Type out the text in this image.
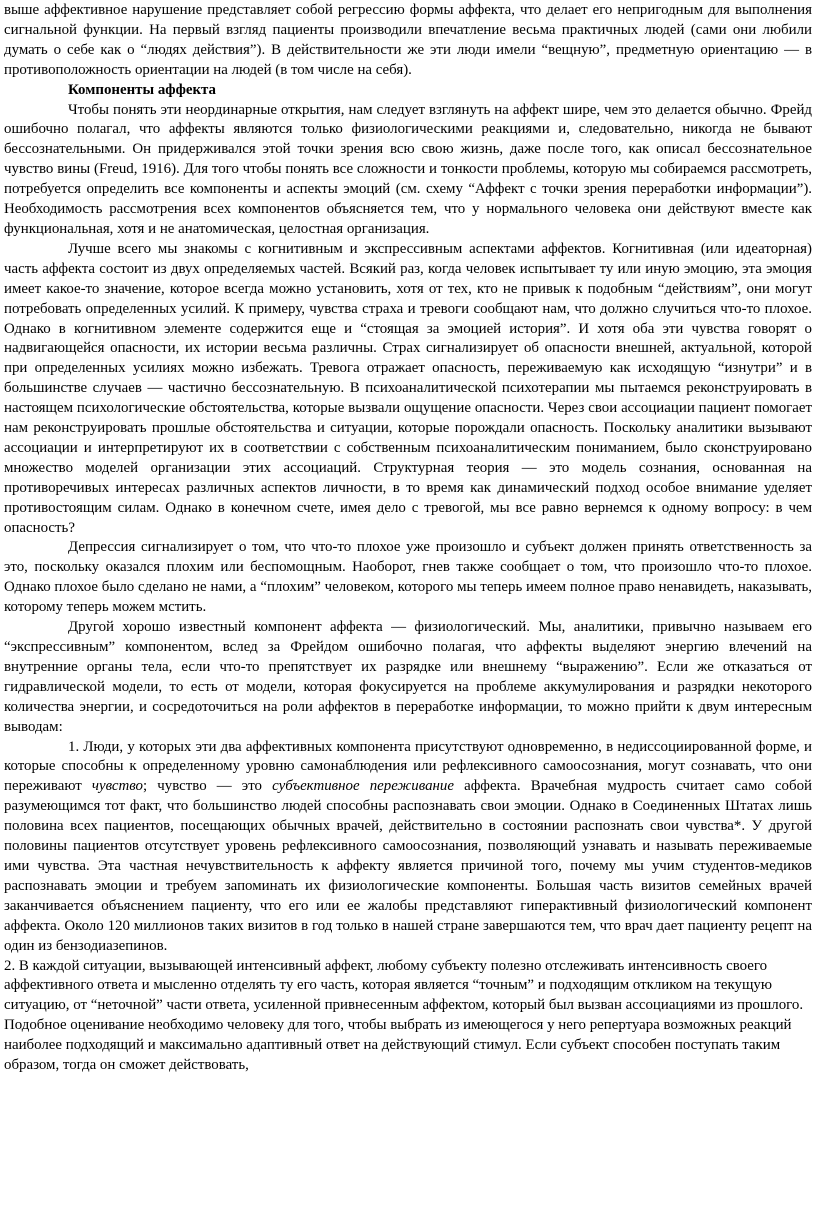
выше аффективное нарушение представляет собой регрессию формы аффекта, что делает его непригодным для выполнения сигнальной функции. На первый взгляд пациенты производили впечатление весьма практичных людей (сами они любили думать о себе как о “людях действия”). В действительности же эти люди имели “вещную”, предметную ориентацию — в противоположность ориентации на людей (в том числе на себя).

Компоненты аффекта

Чтобы понять эти неординарные открытия, нам следует взглянуть на аффект шире, чем это делается обычно. Фрейд ошибочно полагал, что аффекты являются только физиологическими реакциями и, следовательно, никогда не бывают бессознательными. Он придерживался этой точки зрения всю свою жизнь, даже после того, как описал бессознательное чувство вины (Freud, 1916). Для того чтобы понять все сложности и тонкости проблемы, которую мы собираемся рассмотреть, потребуется определить все компоненты и аспекты эмоций (см. схему “Аффект с точки зрения переработки информации”). Необходимость рассмотрения всех компонентов объясняется тем, что у нормального человека они действуют вместе как функциональная, хотя и не анатомическая, целостная организация.

Лучше всего мы знакомы с когнитивным и экспрессивным аспектами аффектов. Когнитивная (или идеаторная) часть аффекта состоит из двух определяемых частей. Всякий раз, когда человек испытывает ту или иную эмоцию, эта эмоция имеет какое-то значение, которое всегда можно установить, хотя от тех, кто не привык к подобным “действиям”, они могут потребовать определенных усилий. К примеру, чувства страха и тревоги сообщают нам, что должно случиться что-то плохое. Однако в когнитивном элементе содержится еще и “стоящая за эмоцией история”. И хотя оба эти чувства говорят о надвигающейся опасности, их истории весьма различны. Страх сигнализирует об опасности внешней, актуальной, которой при определенных усилиях можно избежать. Тревога отражает опасность, переживаемую как исходящую “изнутри” и в большинстве случаев — частично бессознательную. В психоаналитической психотерапии мы пытаемся реконструировать в настоящем психологические обстоятельства, которые вызвали ощущение опасности. Через свои ассоциации пациент помогает нам реконструировать прошлые обстоятельства и ситуации, которые порождали опасность. Поскольку аналитики вызывают ассоциации и интерпретируют их в соответствии с собственным психоаналитическим пониманием, было сконструировано множество моделей организации этих ассоциаций. Структурная теория — это модель сознания, основанная на противоречивых интересах различных аспектов личности, в то время как динамический подход особое внимание уделяет противостоящим силам. Однако в конечном счете, имея дело с тревогой, мы все равно вернемся к одному вопросу: в чем опасность?

Депрессия сигнализирует о том, что что-то плохое уже произошло и субъект должен принять ответственность за это, поскольку оказался плохим или беспомощным. Наоборот, гнев также сообщает о том, что произошло что-то плохое. Однако плохое было сделано не нами, а “плохим” человеком, которого мы теперь имеем полное право ненавидеть, наказывать, которому теперь можем мстить.

Другой хорошо известный компонент аффекта — физиологический. Мы, аналитики, привычно называем его “экспрессивным” компонентом, вслед за Фрейдом ошибочно полагая, что аффекты выделяют энергию влечений на внутренние органы тела, если что-то препятствует их разрядке или внешнему “выражению”. Если же отказаться от гидравлической модели, то есть от модели, которая фокусируется на проблеме аккумулирования и разрядки некоторого количества энергии, и сосредоточиться на роли аффектов в переработке информации, то можно прийти к двум интересным выводам:

1. Люди, у которых эти два аффективных компонента присутствуют одновременно, в недиссоциированной форме, и которые способны к определенному уровню самонаблюдения или рефлексивного самоосознания, могут сознавать, что они переживают чувство; чувство — это субъективное переживание аффекта. Врачебная мудрость считает само собой разумеющимся тот факт, что большинство людей способны распознавать свои эмоции. Однако в Соединенных Штатах лишь половина всех пациентов, посещающих обычных врачей, действительно в состоянии распознать свои чувства*. У другой половины пациентов отсутствует уровень рефлексивного самоосознания, позволяющий узнавать и называть переживаемые ими чувства. Эта частная нечувствительность к аффекту является причиной того, почему мы учим студентов-медиков распознавать эмоции и требуем запоминать их физиологические компоненты. Большая часть визитов семейных врачей заканчивается объяснением пациенту, что его или ее жалобы представляют гиперактивный физиологический компонент аффекта. Около 120 миллионов таких визитов в год только в нашей стране завершаются тем, что врач дает пациенту рецепт на один из бензодиазепинов.

2. В каждой ситуации, вызывающей интенсивный аффект, любому субъекту полезно отслеживать интенсивность своего аффективного ответа и мысленно отделять ту его часть, которая является “точным” и подходящим откликом на текущую ситуацию, от “неточной” части ответа, усиленной привнесенным аффектом, который был вызван ассоциациями из прошлого. Подобное оценивание необходимо человеку для того, чтобы выбрать из имеющегося у него репертуара возможных реакций наиболее подходящий и максимально адаптивный ответ на действующий стимул. Если субъект способен поступать таким образом, тогда он сможет действовать,
